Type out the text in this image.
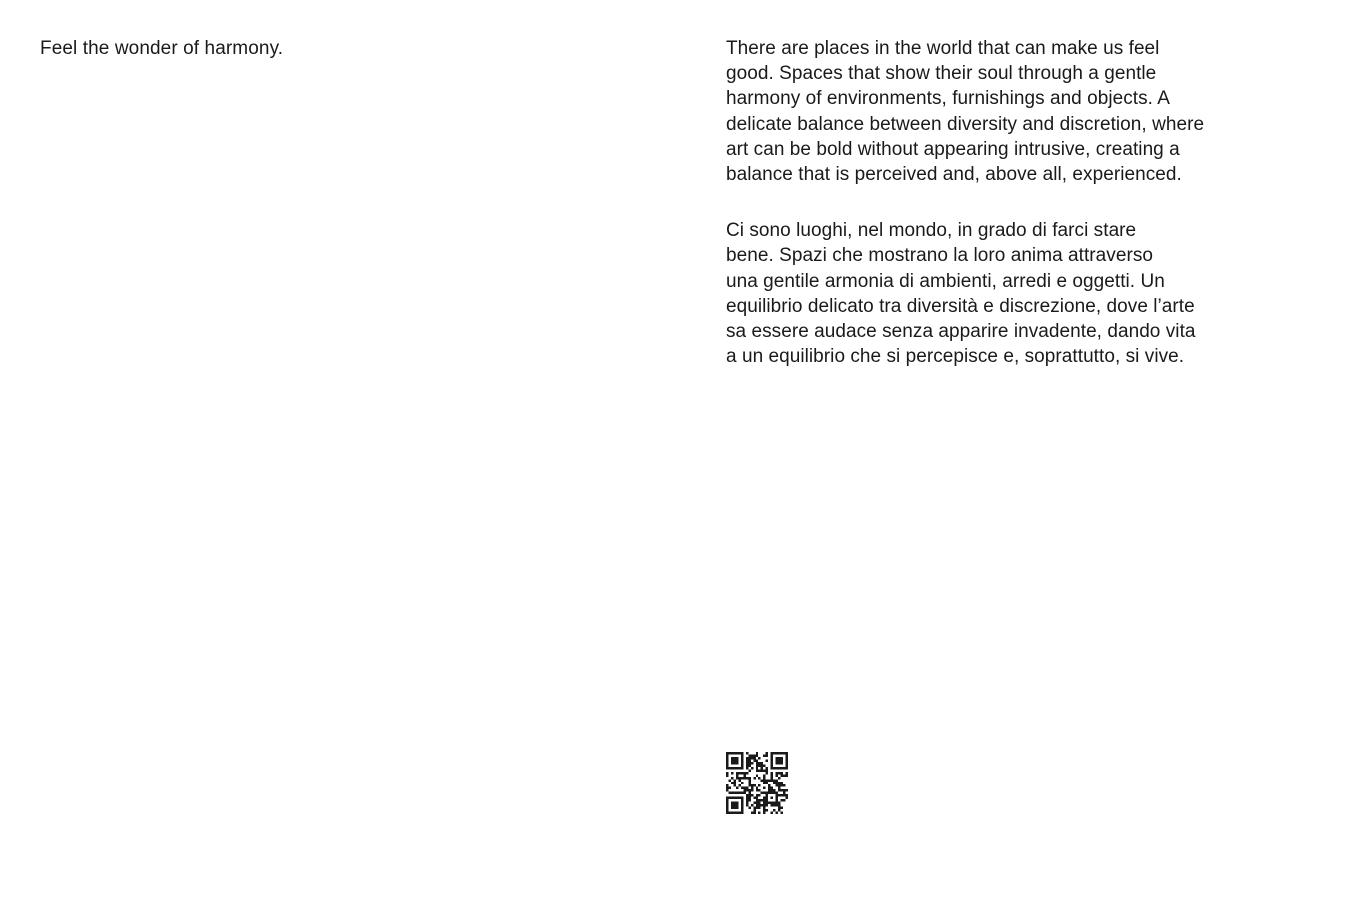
Feel the wonder of harmony.	There are places in the world that can make us feel
good. Spaces that show their soul through a gentle
harmony of environments, furnishings and objects. A
delicate balance between diversity and discretion, where
art can be bold without appearing intrusive, creating a
balance that is perceived and, above all, experienced.

Ci sono luoghi, nel mondo, in grado di farci stare
bene. Spazi che mostrano la loro anima attraverso
una gentile armonia di ambienti, arredi e oggetti. Un
equilibrio delicato tra diversità e discrezione, dove l’arte
sa essere audace senza apparire invadente, dando vita
a un equilibrio che si percepisce e, soprattutto, si vive.
